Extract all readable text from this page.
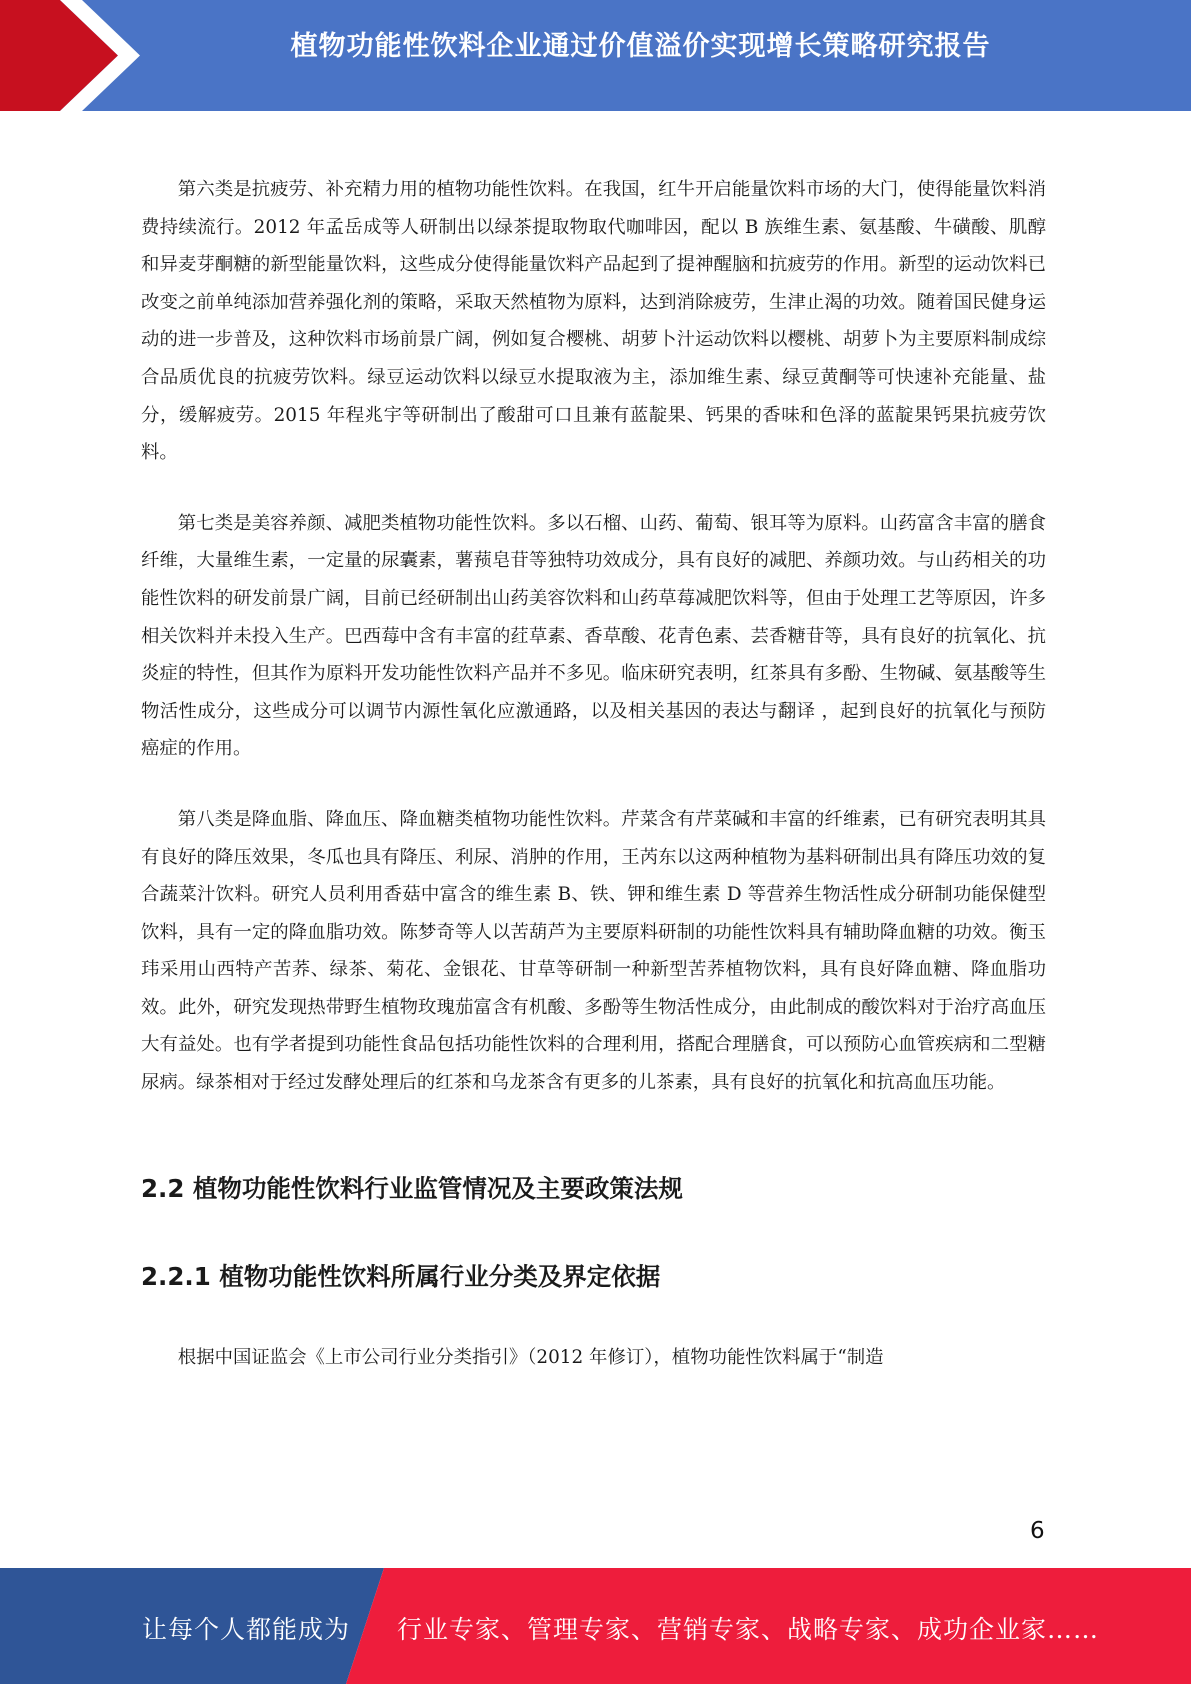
植物功能性饮料企业通过价值溢价实现增长策略研究报告

第六类是抗疲劳、补充精力用的植物功能性饮料。在我国，红牛开启能量饮料市场的大门，使得能量饮料消费持续流行。2012 年孟岳成等人研制出以绿茶提取物取代咖啡因，配以 B 族维生素、氨基酸、牛磺酸、肌醇和异麦芽酮糖的新型能量饮料，这些成分使得能量饮料产品起到了提神醒脑和抗疲劳的作用。新型的运动饮料已改变之前单纯添加营养强化剂的策略，采取天然植物为原料，达到消除疲劳，生津止渴的功效。随着国民健身运动的进一步普及，这种饮料市场前景广阔，例如复合樱桃、胡萝卜汁运动饮料以樱桃、胡萝卜为主要原料制成综合品质优良的抗疲劳饮料。绿豆运动饮料以绿豆水提取液为主，添加维生素、绿豆黄酮等可快速补充能量、盐分，缓解疲劳。2015 年程兆宇等研制出了酸甜可口且兼有蓝靛果、钙果的香味和色泽的蓝靛果钙果抗疲劳饮料。

第七类是美容养颜、减肥类植物功能性饮料。多以石榴、山药、葡萄、银耳等为原料。山药富含丰富的膳食纤维，大量维生素，一定量的尿囊素，薯蓣皂苷等独特功效成分，具有良好的减肥、养颜功效。与山药相关的功能性饮料的研发前景广阔，目前已经研制出山药美容饮料和山药草莓减肥饮料等，但由于处理工艺等原因，许多相关饮料并未投入生产。巴西莓中含有丰富的荭草素、香草酸、花青色素、芸香糖苷等，具有良好的抗氧化、抗炎症的特性，但其作为原料开发功能性饮料产品并不多见。临床研究表明，红茶具有多酚、生物碱、氨基酸等生物活性成分，这些成分可以调节内源性氧化应激通路，以及相关基因的表达与翻译 ，起到良好的抗氧化与预防癌症的作用。

第八类是降血脂、降血压、降血糖类植物功能性饮料。芹菜含有芹菜碱和丰富的纤维素，已有研究表明其具有良好的降压效果，冬瓜也具有降压、利尿、消肿的作用，王芮东以这两种植物为基料研制出具有降压功效的复合蔬菜汁饮料。研究人员利用香菇中富含的维生素 B、铁、钾和维生素 D 等营养生物活性成分研制功能保健型饮料，具有一定的降血脂功效。陈梦奇等人以苦葫芦为主要原料研制的功能性饮料具有辅助降血糖的功效。衡玉玮采用山西特产苦荞、绿茶、菊花、金银花、甘草等研制一种新型苦荞植物饮料，具有良好降血糖、降血脂功效。此外，研究发现热带野生植物玫瑰茄富含有机酸、多酚等生物活性成分，由此制成的酸饮料对于治疗高血压大有益处。也有学者提到功能性食品包括功能性饮料的合理利用，搭配合理膳食，可以预防心血管疾病和二型糖尿病。绿茶相对于经过发酵处理后的红茶和乌龙茶含有更多的儿茶素，具有良好的抗氧化和抗高血压功能。

2.2 植物功能性饮料行业监管情况及主要政策法规
2.2.1 植物功能性饮料所属行业分类及界定依据

根据中国证监会《上市公司行业分类指引》（2012 年修订），植物功能性饮料属于“制造

6
让每个人都能成为 行业专家、管理专家、营销专家、战略专家、成功企业家……
